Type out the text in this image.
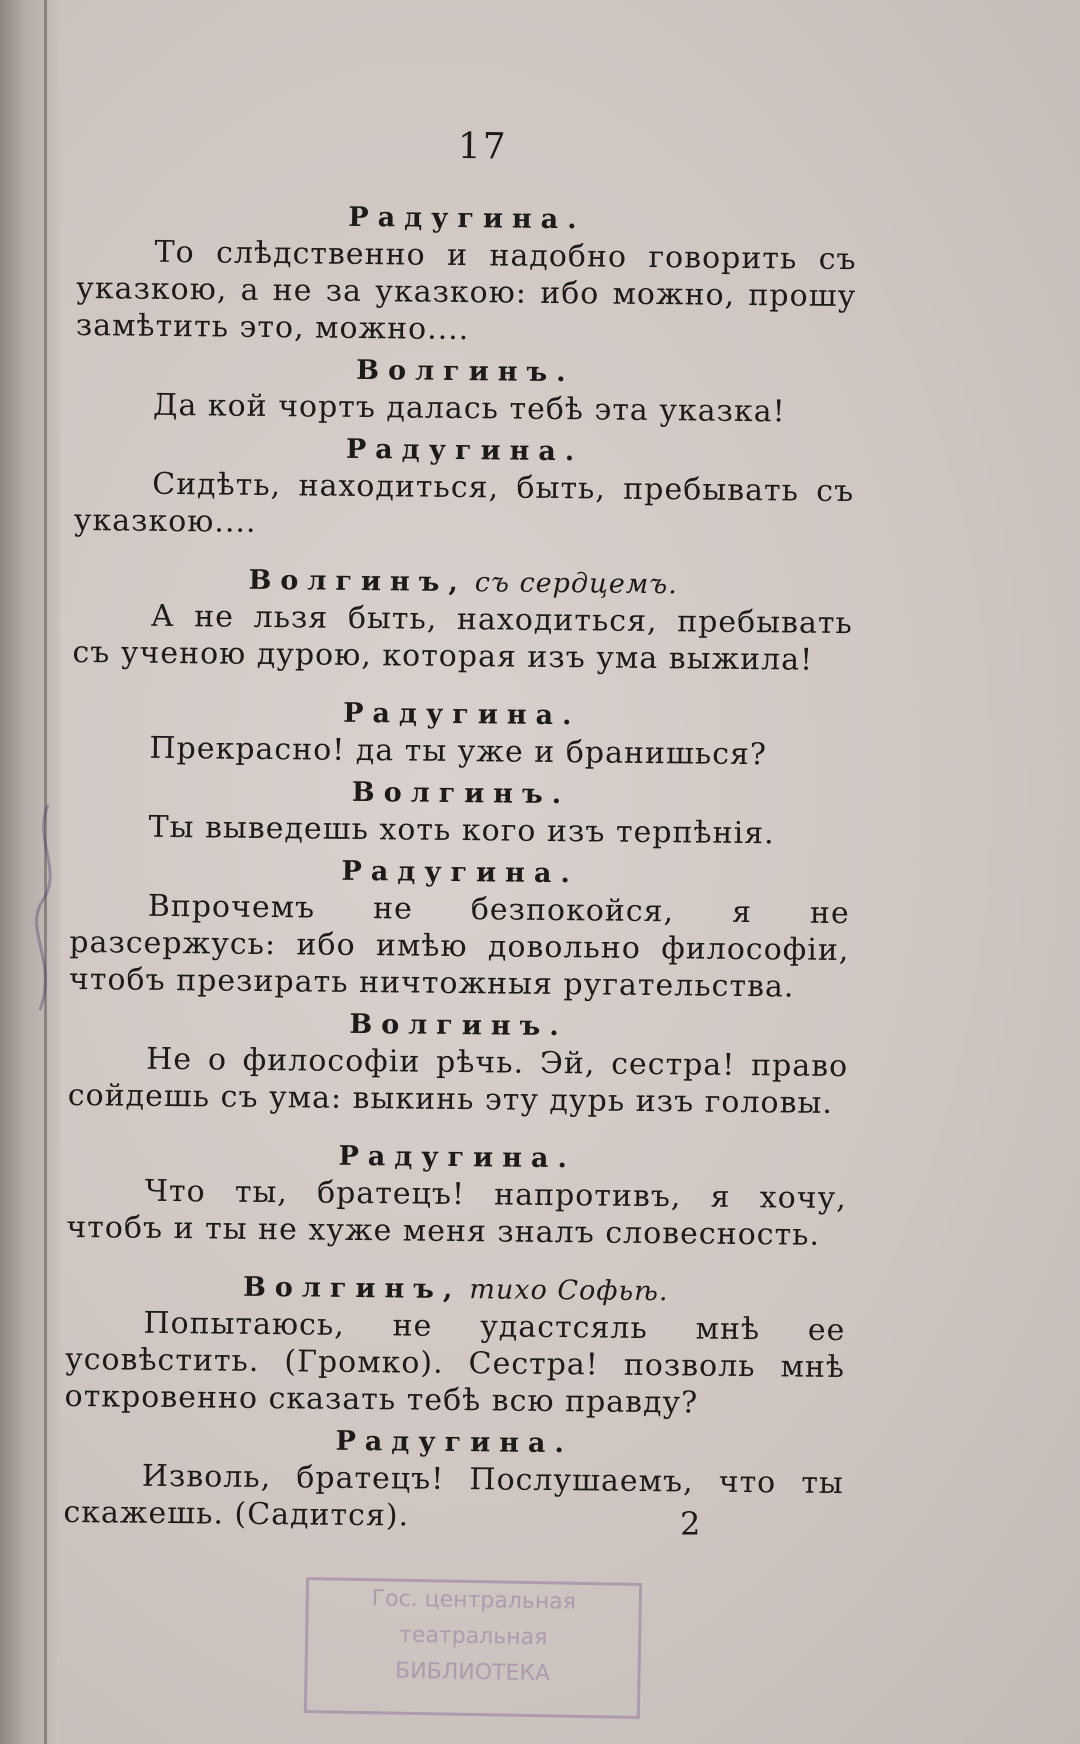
17

Радугина.

То слѣдственно и надобно говорить съ указкою, а не за указкою: ибо можно, прошу замѣтить это, можно....

Волгинъ.

Да кой чортъ далась тебѣ эта указка!

Радугина.

Сидѣть, находиться, быть, пребывать съ указкою....

Волгинъ, съ сердцемъ.

А не льзя быть, находиться, пребывать съ ученою дурою, которая изъ ума выжила!

Радугина.

Прекрасно! да ты уже и бранишься?

Волгинъ.

Ты выведешь хоть кого изъ терпѣнія.

Радугина.

Впрочемъ не безпокойся, я не разсержусь: ибо имѣю довольно философіи, чтобъ презирать ничтожныя ругательства.

Волгинъ.

Не о философіи рѣчь. Эй, сестра! право сойдешь съ ума: выкинь эту дурь изъ головы.

Радугина.

Что ты, братецъ! напротивъ, я хочу, чтобъ и ты не хуже меня зналъ словесность.

Волгинъ, тихо Софьѣ.

Попытаюсь, не удастсяль мнѣ ее усовѣстить. (Громко). Сестра! позволь мнѣ откровенно сказать тебѣ всю правду?

Радугина.

Изволь, братецъ! Послушаемъ, что ты скажешь. (Садится).	2
Гос. центральная
театральная
БИБЛИОТЕКА
